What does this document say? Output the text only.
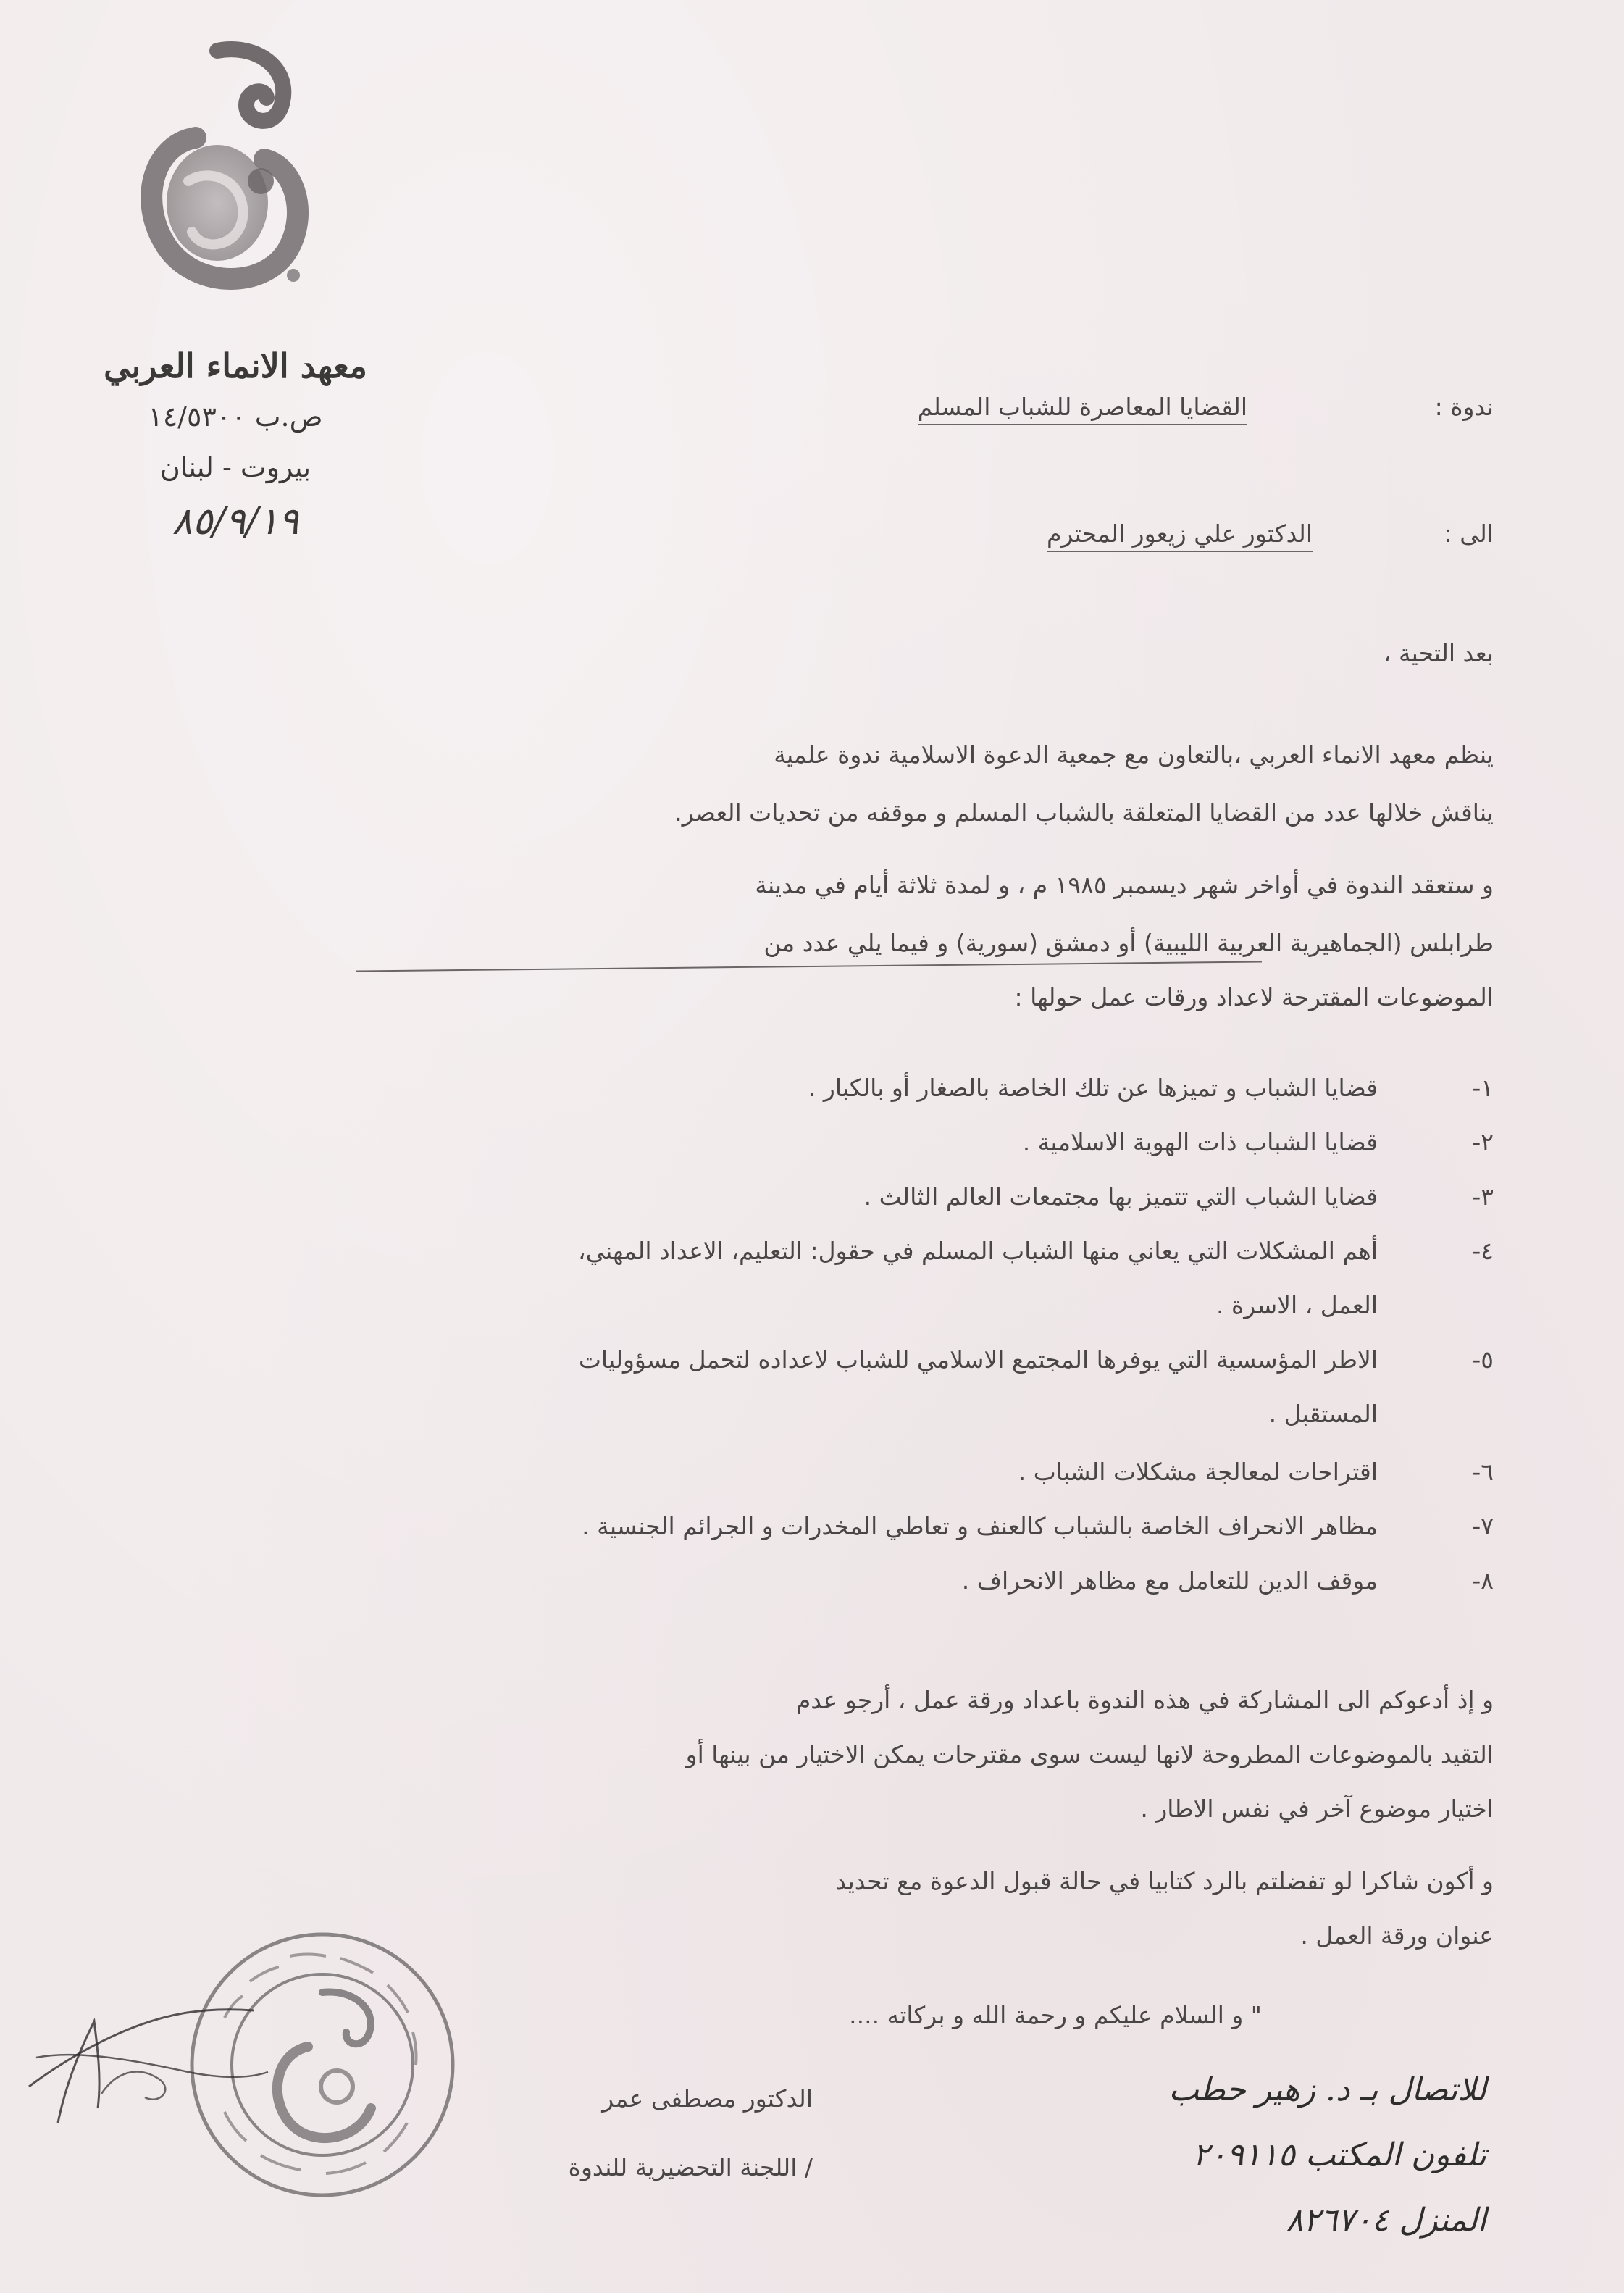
معهد الانماء العربي
ص.ب ١٤/٥٣٠٠
بيروت - لبنان
٨٥/٩/١٩
ندوة :
القضايا المعاصرة للشباب المسلم
الى :
الدكتور علي زيعور المحترم
بعد التحية ،
ينظم معهد الانماء العربي ،بالتعاون مع جمعية الدعوة الاسلامية ندوة علمية
يناقش خلالها عدد من القضايا المتعلقة بالشباب المسلم و موقفه من تحديات العصر.
و ستعقد الندوة في أواخر شهر ديسمبر ١٩٨٥ م ، و لمدة ثلاثة أيام في مدينة
طرابلس (الجماهيرية العربية الليبية) أو دمشق (سورية) و فيما يلي عدد من
الموضوعات المقترحة لاعداد ورقات عمل حولها :
١-
قضايا الشباب و تميزها عن تلك الخاصة بالصغار أو بالكبار .
٢-
قضايا الشباب ذات الهوية الاسلامية .
٣-
قضايا الشباب التي تتميز بها مجتمعات العالم الثالث .
٤-
أهم المشكلات التي يعاني منها الشباب المسلم في حقول: التعليم، الاعداد المهني،
العمل ، الاسرة .
٥-
الاطر المؤسسية التي يوفرها المجتمع الاسلامي للشباب لاعداده لتحمل مسؤوليات
المستقبل .
٦-
اقتراحات لمعالجة مشكلات الشباب .
٧-
مظاهر الانحراف الخاصة بالشباب كالعنف و تعاطي المخدرات و الجرائم الجنسية .
٨-
موقف الدين للتعامل مع مظاهر الانحراف .
و إذ أدعوكم الى المشاركة في هذه الندوة باعداد ورقة عمل ، أرجو عدم
التقيد بالموضوعات المطروحة لانها ليست سوى مقترحات يمكن الاختيار من بينها أو
اختيار موضوع آخر في نفس الاطار .
و أكون شاكرا لو تفضلتم بالرد كتابيا في حالة قبول الدعوة مع تحديد
عنوان ورقة العمل .
" و السلام عليكم و رحمة الله و بركاته ....
الدكتور مصطفى عمر
/ اللجنة التحضيرية للندوة
للاتصال بـ د. زهير حطب
تلفون المكتب ٢٠٩١١٥
المنزل ٨٢٦٧٠٤
